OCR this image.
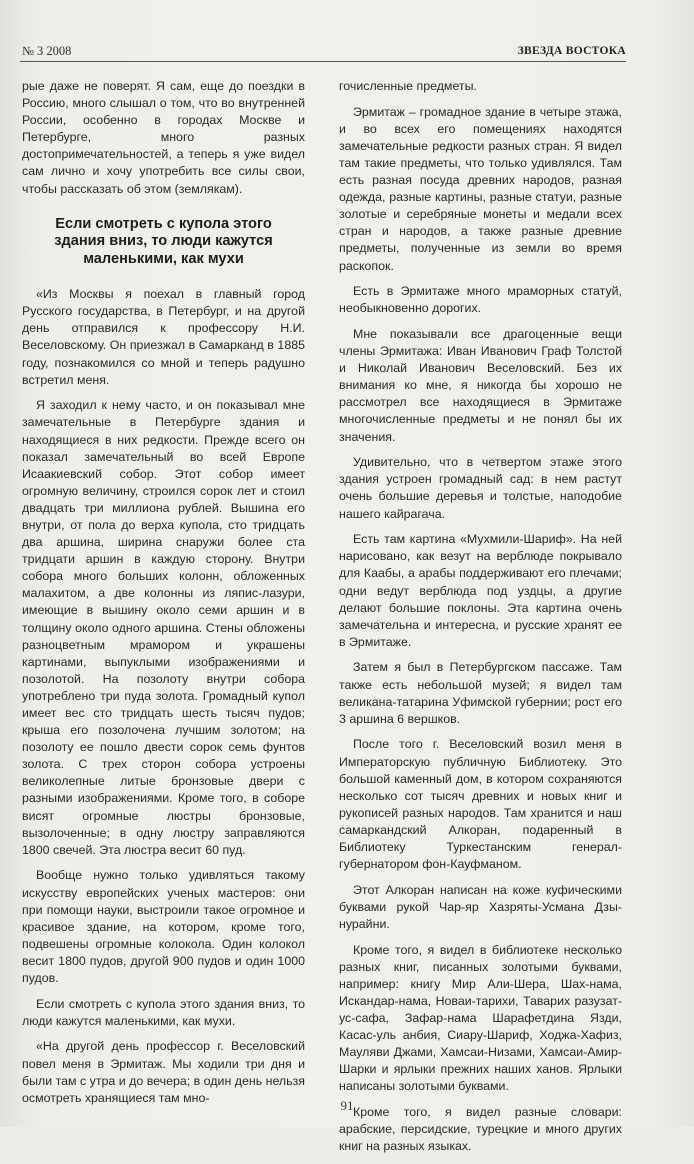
№ 3 2008	ЗВЕЗДА ВОСТОКА

рые даже не поверят. Я сам, еще до поездки в Россию, много слышал о том, что во внутренней России, особенно в городах Москве и Петербурге, много разных достопримечательностей, а теперь я уже видел сам лично и хочу употребить все силы свои, чтобы рассказать об этом (землякам).

Если смотреть с купола этого здания вниз, то люди кажутся маленькими, как мухи

«Из Москвы я поехал в главный город Русского государства, в Петербург, и на другой день отправился к профессору Н.И. Веселовскому. Он приезжал в Самарканд в 1885 году, познакомился со мной и теперь радушно встретил меня.

Я заходил к нему часто, и он показывал мне замечательные в Петербурге здания и находящиеся в них редкости. Прежде всего он показал замечательный во всей Европе Исаакиевский собор. Этот собор имеет огромную величину, строился сорок лет и стоил двадцать три миллиона рублей. Вышина его внутри, от пола до верха купола, сто тридцать два аршина, ширина снаружи более ста тридцати аршин в каждую сторону. Внутри собора много больших колонн, обложенных малахитом, а две колонны из ляпис-лазури, имеющие в вышину около семи аршин и в толщину около одного аршина. Стены обложены разноцветным мрамором и украшены картинами, выпуклыми изображениями и позолотой. На позолоту внутри собора употреблено три пуда золота. Громадный купол имеет вес сто тридцать шесть тысяч пудов; крыша его позолочена лучшим золотом; на позолоту ее пошло двести сорок семь фунтов золота. С трех сторон собора устроены великолепные литые бронзовые двери с разными изображениями. Кроме того, в соборе висят огромные люстры бронзовые, вызолоченные; в одну люстру заправляются 1800 свечей. Эта люстра весит 60 пуд.

Вообще нужно только удивляться такому искусству европейских ученых мастеров: они при помощи науки, выстроили такое огромное и красивое здание, на котором, кроме того, подвешены огромные колокола. Один колокол весит 1800 пудов, другой 900 пудов и один 1000 пудов.

Если смотреть с купола этого здания вниз, то люди кажутся маленькими, как мухи.

«На другой день профессор г. Веселовский повел меня в Эрмитаж. Мы ходили три дня и были там с утра и до вечера; в один день нельзя осмотреть хранящиеся там мно-

гочисленные предметы.

Эрмитаж – громадное здание в четыре этажа, и во всех его помещениях находятся замечательные редкости разных стран. Я видел там такие предметы, что только удивлялся. Там есть разная посуда древних народов, разная одежда, разные картины, разные статуи, разные золотые и серебряные монеты и медали всех стран и народов, а также разные древние предметы, полученные из земли во время раскопок.

Есть в Эрмитаже много мраморных статуй, необыкновенно дорогих.

Мне показывали все драгоценные вещи члены Эрмитажа: Иван Иванович Граф Толстой и Николай Иванович Веселовский. Без их внимания ко мне, я никогда бы хорошо не рассмотрел все находящиеся в Эрмитаже многочисленные предметы и не понял бы их значения.

Удивительно, что в четвертом этаже этого здания устроен громадный сад: в нем растут очень большие деревья и толстые, наподобие нашего кайрагача.

Есть там картина «Мухмили-Шариф». На ней нарисовано, как везут на верблюде покрывало для Каабы, а арабы поддерживают его плечами; одни ведут верблюда под уздцы, а другие делают большие поклоны. Эта картина очень замечательна и интересна, и русские хранят ее в Эрмитаже.

Затем я был в Петербургском пассаже. Там также есть небольшой музей; я видел там великана-татарина Уфимской губернии; рост его 3 аршина 6 вершков.

После того г. Веселовский возил меня в Императорскую публичную Библиотеку. Это большой каменный дом, в котором сохраняются несколько сот тысяч древних и новых книг и рукописей разных народов. Там хранится и наш самаркандский Алкоран, подаренный в Библиотеку Туркестанским генерал-губернатором фон-Кауфманом.

Этот Алкоран написан на коже куфическими буквами рукой Чар-яр Хазряты-Усмана Дзы-нурайни.

Кроме того, я видел в библиотеке несколько разных книг, писанных золотыми буквами, например: книгу Мир Али-Шера, Шах-нама, Искандар-нама, Новаи-тарихи, Таварих разузат-ус-сафа, Зафар-нама Шарафетдина Язди, Касас-уль анбия, Сиару-Шариф, Ходжа-Хафиз, Мауляви Джами, Хамсаи-Низами, Хамсаи-Амир-Шарки и ярлыки прежних наших ханов. Ярлыки написаны золотыми буквами.

Кроме того, я видел разные словари: арабские, персидские, турецкие и много других книг на разных языках.

91
